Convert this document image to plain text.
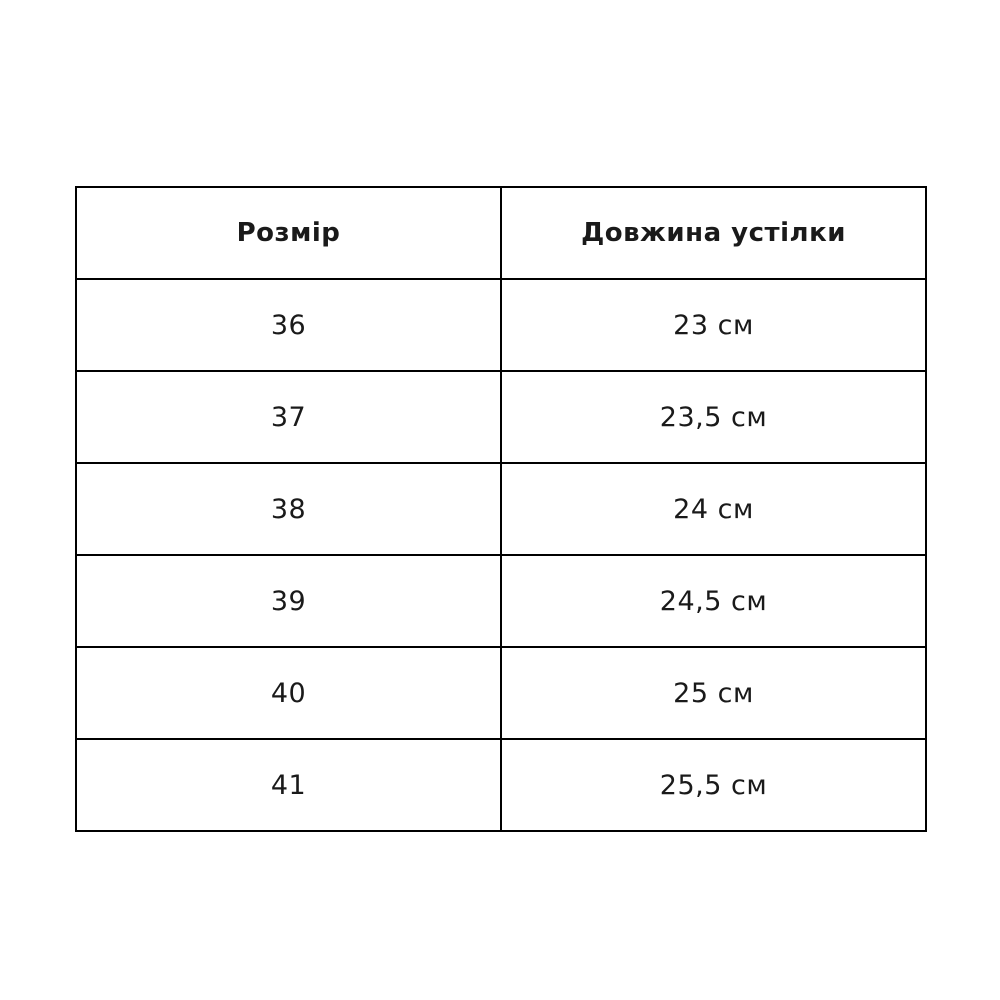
Розмір	Довжина устілки
36	23 см
37	23,5 см
38	24 см
39	24,5 см
40	25 см
41	25,5 см
